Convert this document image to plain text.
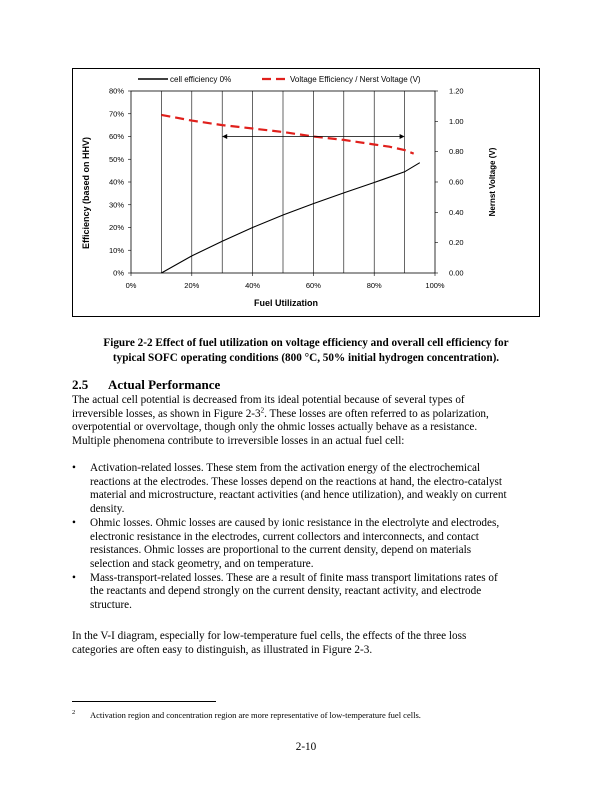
0%
10%
20%
30%
40%
50%
60%
70%
80%
0.00
0.20
0.40
0.60
0.80
1.00
1.20
0%	20%	40%	60%	80%	100%
cell efficiency 0%	Voltage Efficiency / Nerst Voltage (V)
Fuel Utilization
Efficiency (based on HHV)	Nernst Voltage (V)
Figure 2-2 Effect of fuel utilization on voltage efficiency and overall cell efficiency for
typical SOFC operating conditions (800 °C, 50% initial hydrogen concentration).
2.5 Actual Performance
The actual cell potential is decreased from its ideal potential because of several types of
irreversible losses, as shown in Figure $2-3^2$. These losses are often referred to as polarization,
overpotential or overvoltage, though only the ohmic losses actually behave as a resistance.
Multiple phenomena contribute to irreversible losses in an actual fuel cell:
• Activation-related losses. These stem from the activation energy of the electrochemical
reactions at the electrodes. These losses depend on the reactions at hand, the electro-catalyst
material and microstructure, reactant activities (and hence utilization), and weakly on current
density.
• Ohmic losses. Ohmic losses are caused by ionic resistance in the electrolyte and electrodes,
electronic resistance in the electrodes, current collectors and interconnects, and contact
resistances. Ohmic losses are proportional to the current density, depend on materials
selection and stack geometry, and on temperature.
• Mass-transport-related losses. These are a result of finite mass transport limitations rates of
the reactants and depend strongly on the current density, reactant activity, and electrode
structure.
In the V-I diagram, especially for low-temperature fuel cells, the effects of the three loss
categories are often easy to distinguish, as illustrated in Figure 2-3.
2 Activation region and concentration region are more representative of low-temperature fuel cells.
2-10
